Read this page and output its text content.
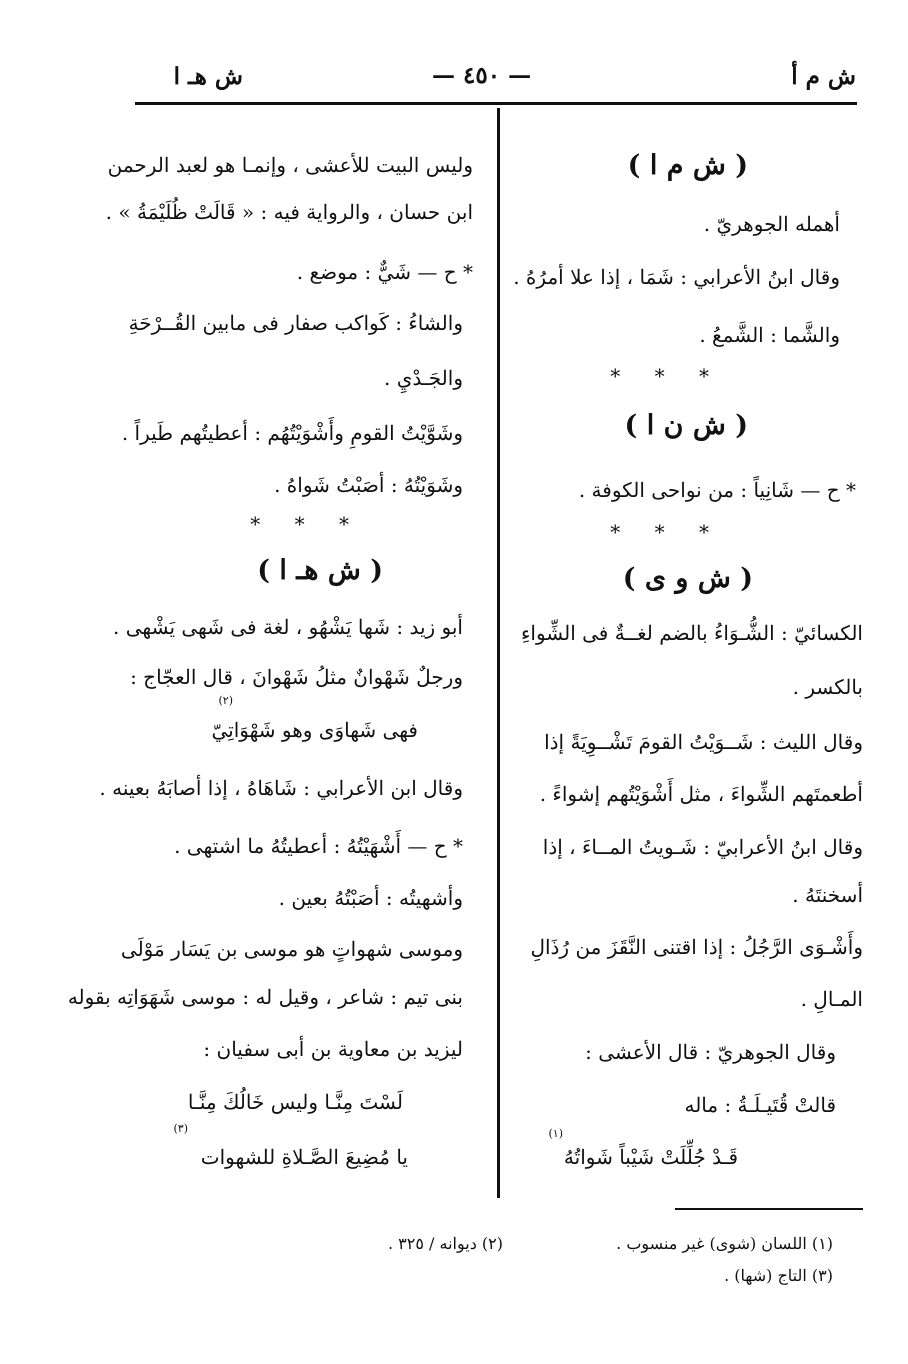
ش م أ
— ٤٥٠ —
ش هـ ا
( ش م ا )
أهمله الجوهريّ .
وقال ابنُ الأعرابي : شَمَا ، إذا علا أمرُهُ .
والشَّما : الشَّمعُ .
* * *
( ش ن ا )
* ح — شَانِياً : من نواحى الكوفة .
* * *
( ش و ى )
الكسائيّ : الشُّـوَاءُ بالضم لغــةٌ فى الشِّواءِ
بالكسر .
وقال الليث : شَــوَيْتُ القومَ تَشْــوِيَةً إذا
أطعمتَهم الشِّواءَ ، مثل أَشْوَيْتُهم إشواءً .
وقال ابنُ الأعرابيّ : شَـويتُ المــاءَ ، إذا
أسخنتَهُ .
وأَشْـوَى الرَّجُلُ : إذا اقتنى النَّقَزَ من رُذَالِ
المـالِ .
وقال الجوهريّ : قال الأعشى :
قالتْ قُتَيـلَـةُ : ماله
قَـدْ جُلِّلَتْ شَيْباً شَواتُهُ
(١)
وليس البيت للأعشى ، وإنمـا هو لعبد الرحمن
ابن حسان ، والرواية فيه : « قَالَتْ ظُلَيْمَةُ » .
* ح — شَيٌّ : موضع .
والشاءُ : كَواكب صفار فى مابين القُــرْحَةِ
والجَـدْيِ .
وشَوَّيْتُ القومِ وأَشْوَيْتُهُم : أعطيتُهم طَيراً .
وشَوَيْتُهُ : أصَبْتُ شَواهُ .
* * *
( ش هـ ا )
أبو زيد : شَها يَشْهُو ، لغة فى شَهى يَشْهى .
ورجلٌ شَهْوانٌ مثلُ شَهْوانَ ، قال العجّاج :
فهى شَهاوَى وهو شَهْوَاتِيّ
وقال ابن الأعرابي : شَاهَاهُ ، إذا أصابَهُ بعينه .
* ح — أَشْهَيْتُهُ : أعطيتُهُ ما اشتهى .
وأشهيتُه : أصَبْتُهُ بعين .
وموسى شهواتٍ هو موسى بن يَسَار مَوْلَى
بنى تيم : شاعر ، وقيل له : موسى شَهَوَاتِه بقوله
ليزيد بن معاوية بن أبى سفيان :
لَسْتَ مِنَّـا وليس خَالُكَ مِنَّـا
يا مُضِيعَ الصَّـلاةِ للشهوات
(٢)
(٣)
(١) اللسان (شوى) غير منسوب .
(٢) ديوانه / ٣٢٥ .
(٣) التاج (شها) .
